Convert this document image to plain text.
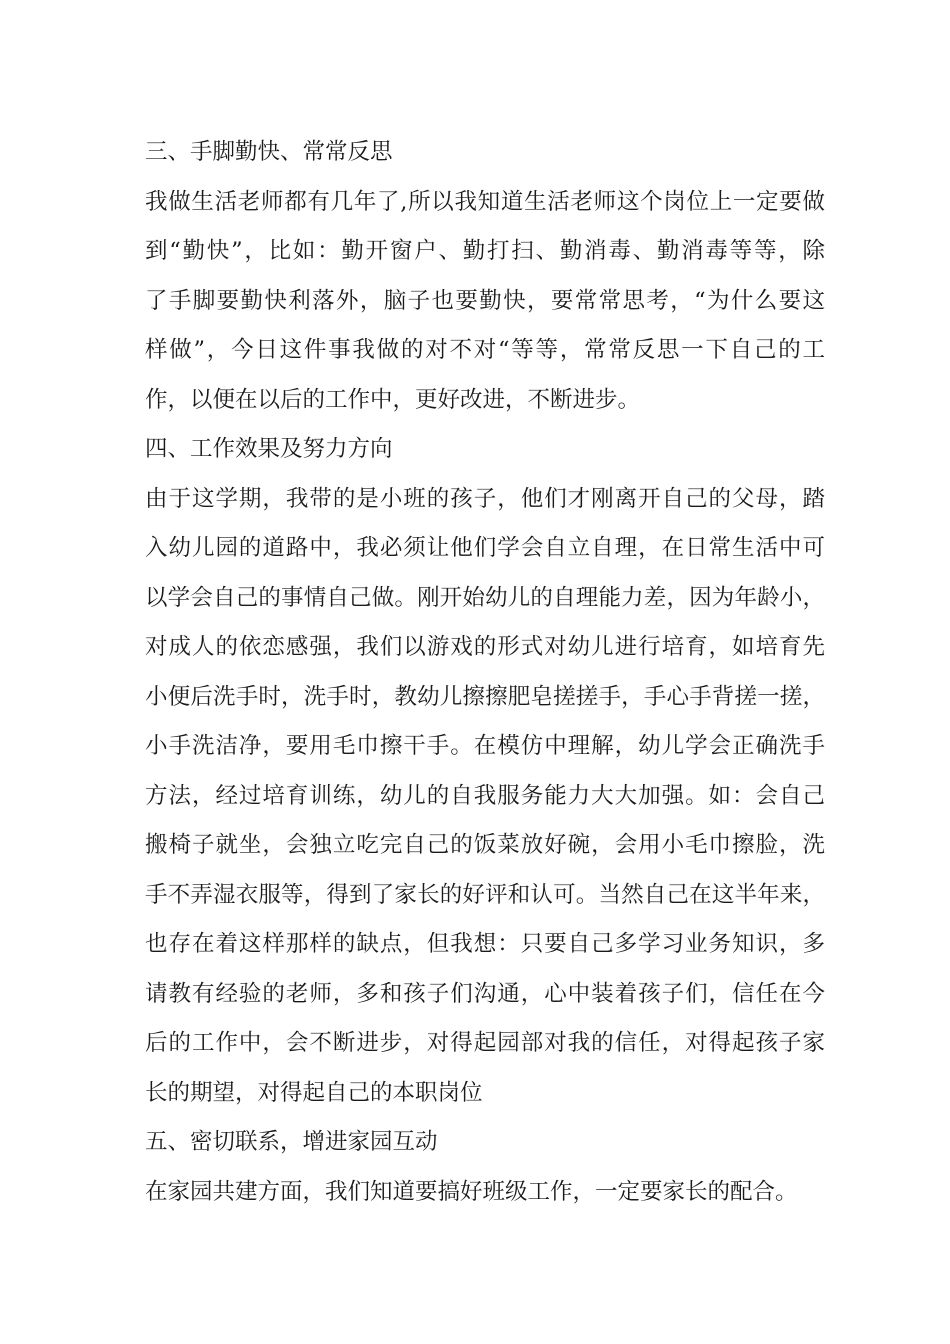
三、手脚勤快、常常反思
我做生活老师都有几年了,所以我知道生活老师这个岗位上一定要做
到“勤快”，比如：勤开窗户、勤打扫、勤消毒、勤消毒等等，除
了手脚要勤快利落外，脑子也要勤快，要常常思考，“为什么要这
样做”，今日这件事我做的对不对“等等，常常反思一下自己的工
作，以便在以后的工作中，更好改进，不断进步。
四、工作效果及努力方向
由于这学期，我带的是小班的孩子，他们才刚离开自己的父母，踏
入幼儿园的道路中，我必须让他们学会自立自理，在日常生活中可
以学会自己的事情自己做。刚开始幼儿的自理能力差，因为年龄小，
对成人的依恋感强，我们以游戏的形式对幼儿进行培育，如培育先
小便后洗手时，洗手时，教幼儿擦擦肥皂搓搓手，手心手背搓一搓，
小手洗洁净，要用毛巾擦干手。在模仿中理解，幼儿学会正确洗手
方法，经过培育训练，幼儿的自我服务能力大大加强。如：会自己
搬椅子就坐，会独立吃完自己的饭菜放好碗，会用小毛巾擦脸，洗
手不弄湿衣服等，得到了家长的好评和认可。当然自己在这半年来，
也存在着这样那样的缺点，但我想：只要自己多学习业务知识，多
请教有经验的老师，多和孩子们沟通，心中装着孩子们，信任在今
后的工作中，会不断进步，对得起园部对我的信任，对得起孩子家
长的期望，对得起自己的本职岗位
五、密切联系，增进家园互动
在家园共建方面，我们知道要搞好班级工作，一定要家长的配合。
